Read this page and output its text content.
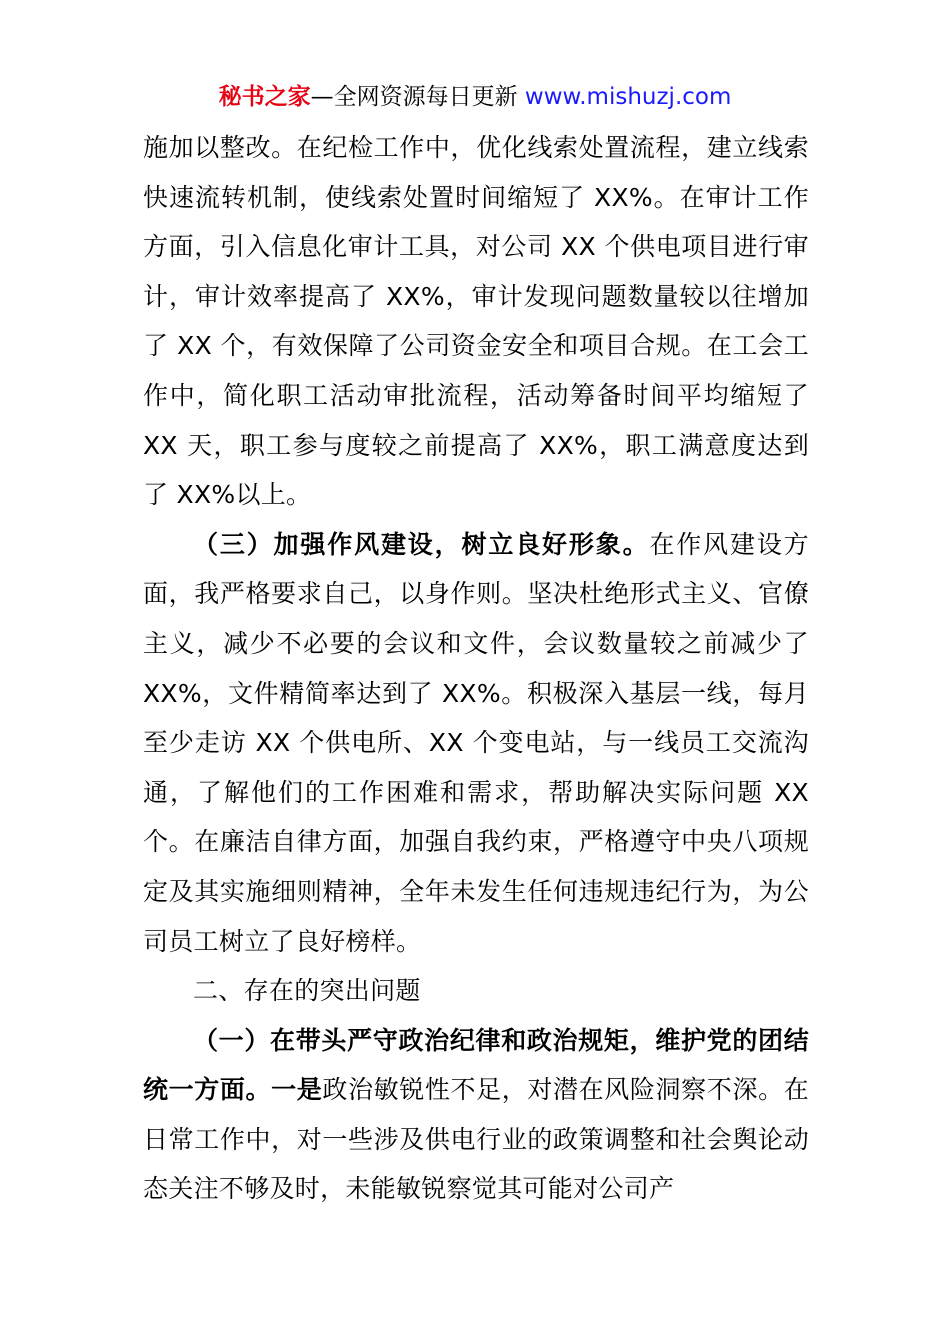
秘书之家—全网资源每日更新 www.mishuzj.com

施加以整改。在纪检工作中，优化线索处置流程，建立线索快速流转机制，使线索处置时间缩短了 XX%。在审计工作方面，引入信息化审计工具，对公司 XX 个供电项目进行审计，审计效率提高了 XX%，审计发现问题数量较以往增加了 XX 个，有效保障了公司资金安全和项目合规。在工会工作中，简化职工活动审批流程，活动筹备时间平均缩短了 XX 天，职工参与度较之前提高了 XX%，职工满意度达到了 XX%以上。

（三）加强作风建设，树立良好形象。在作风建设方面，我严格要求自己，以身作则。坚决杜绝形式主义、官僚主义，减少不必要的会议和文件，会议数量较之前减少了 XX%，文件精简率达到了 XX%。积极深入基层一线，每月至少走访 XX 个供电所、XX 个变电站，与一线员工交流沟通，了解他们的工作困难和需求，帮助解决实际问题 XX 个。在廉洁自律方面，加强自我约束，严格遵守中央八项规定及其实施细则精神，全年未发生任何违规违纪行为，为公司员工树立了良好榜样。

二、存在的突出问题

（一）在带头严守政治纪律和政治规矩，维护党的团结统一方面。一是政治敏锐性不足，对潜在风险洞察不深。在日常工作中，对一些涉及供电行业的政策调整和社会舆论动态关注不够及时，未能敏锐察觉其可能对公司产
